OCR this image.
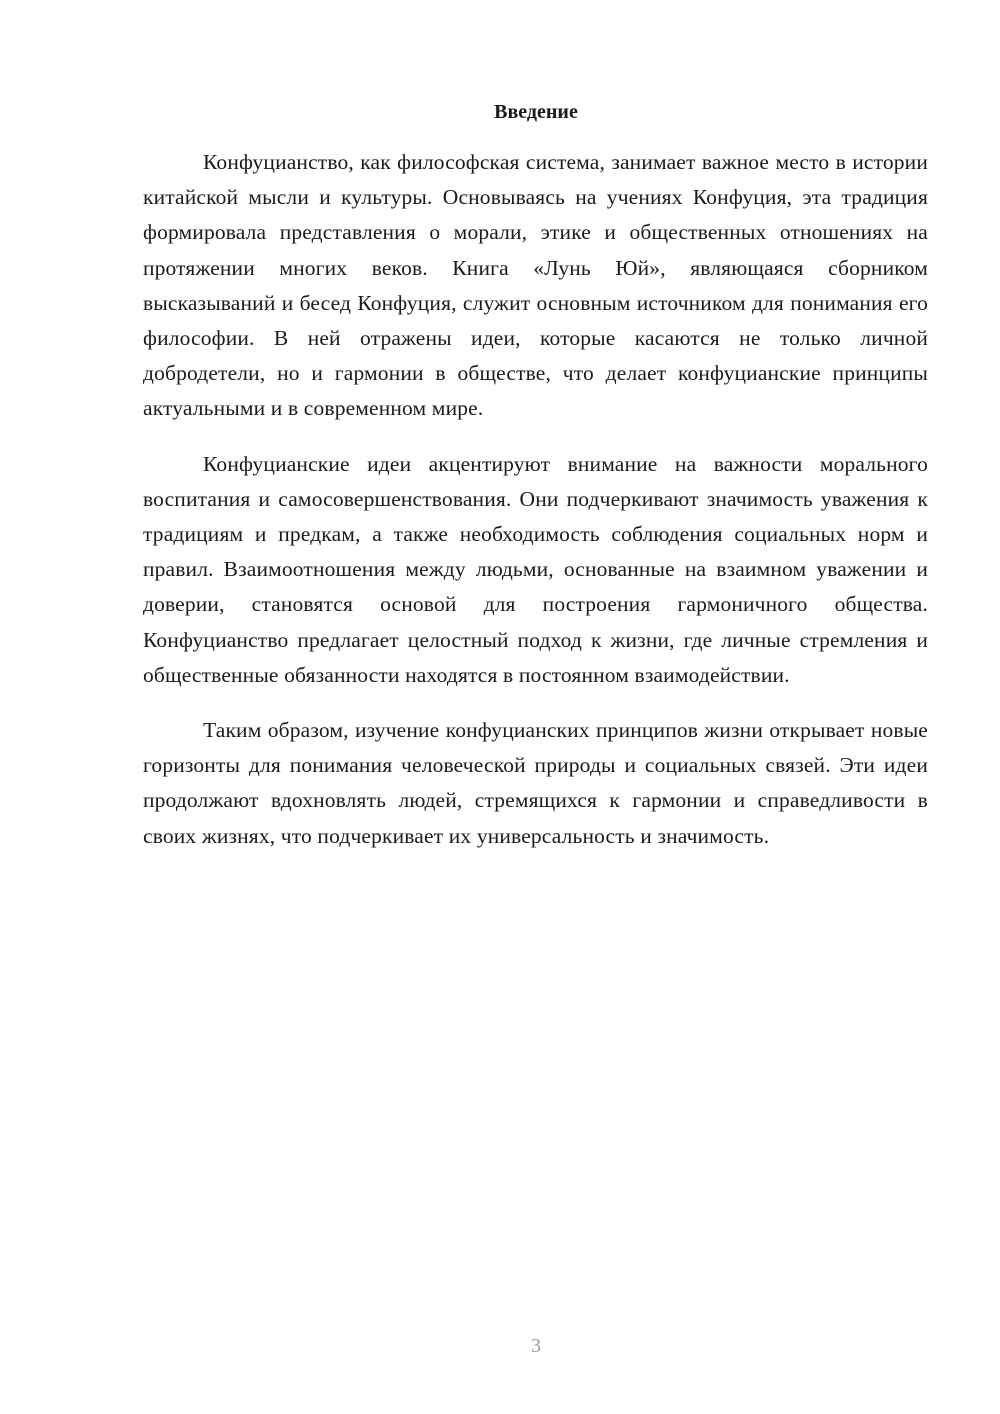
Введение

Конфуцианство, как философская система, занимает важное место в истории китайской мысли и культуры. Основываясь на учениях Конфуция, эта традиция формировала представления о морали, этике и общественных отношениях на протяжении многих веков. Книга «Лунь Юй», являющаяся сборником высказываний и бесед Конфуция, служит основным источником для понимания его философии. В ней отражены идеи, которые касаются не только личной добродетели, но и гармонии в обществе, что делает конфуцианские принципы актуальными и в современном мире.

Конфуцианские идеи акцентируют внимание на важности морального воспитания и самосовершенствования. Они подчеркивают значимость уважения к традициям и предкам, а также необходимость соблюдения социальных норм и правил. Взаимоотношения между людьми, основанные на взаимном уважении и доверии, становятся основой для построения гармоничного общества. Конфуцианство предлагает целостный подход к жизни, где личные стремления и общественные обязанности находятся в постоянном взаимодействии.

Таким образом, изучение конфуцианских принципов жизни открывает новые горизонты для понимания человеческой природы и социальных связей. Эти идеи продолжают вдохновлять людей, стремящихся к гармонии и справедливости в своих жизнях, что подчеркивает их универсальность и значимость.

3
